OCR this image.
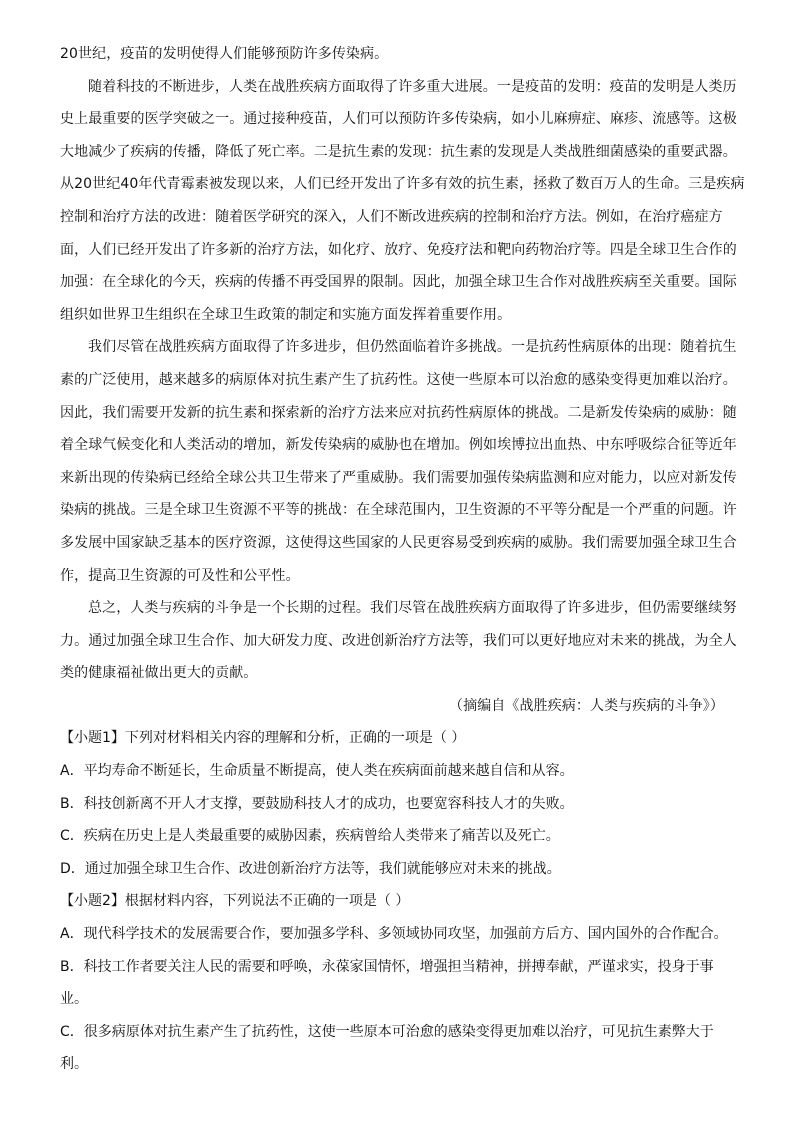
20世纪，疫苗的发明使得人们能够预防许多传染病。
随着科技的不断进步，人类在战胜疾病方面取得了许多重大进展。一是疫苗的发明：疫苗的发明是人类历
史上最重要的医学突破之一。通过接种疫苗，人们可以预防许多传染病，如小儿麻痹症、麻疹、流感等。这极
大地减少了疾病的传播，降低了死亡率。二是抗生素的发现：抗生素的发现是人类战胜细菌感染的重要武器。
从20世纪40年代青霉素被发现以来，人们已经开发出了许多有效的抗生素，拯救了数百万人的生命。三是疾病
控制和治疗方法的改进：随着医学研究的深入，人们不断改进疾病的控制和治疗方法。例如，在治疗癌症方
面，人们已经开发出了许多新的治疗方法，如化疗、放疗、免疫疗法和靶向药物治疗等。四是全球卫生合作的
加强：在全球化的今天，疾病的传播不再受国界的限制。因此，加强全球卫生合作对战胜疾病至关重要。国际
组织如世界卫生组织在全球卫生政策的制定和实施方面发挥着重要作用。
我们尽管在战胜疾病方面取得了许多进步，但仍然面临着许多挑战。一是抗药性病原体的出现：随着抗生
素的广泛使用，越来越多的病原体对抗生素产生了抗药性。这使一些原本可以治愈的感染变得更加难以治疗。
因此，我们需要开发新的抗生素和探索新的治疗方法来应对抗药性病原体的挑战。二是新发传染病的威胁：随
着全球气候变化和人类活动的增加，新发传染病的威胁也在增加。例如埃博拉出血热、中东呼吸综合征等近年
来新出现的传染病已经给全球公共卫生带来了严重威胁。我们需要加强传染病监测和应对能力，以应对新发传
染病的挑战。三是全球卫生资源不平等的挑战：在全球范围内，卫生资源的不平等分配是一个严重的问题。许
多发展中国家缺乏基本的医疗资源，这使得这些国家的人民更容易受到疾病的威胁。我们需要加强全球卫生合
作，提高卫生资源的可及性和公平性。
总之，人类与疾病的斗争是一个长期的过程。我们尽管在战胜疾病方面取得了许多进步，但仍需要继续努
力。通过加强全球卫生合作、加大研发力度、改进创新治疗方法等，我们可以更好地应对未来的挑战，为全人
类的健康福祉做出更大的贡献。
（摘编自《战胜疾病：人类与疾病的斗争》）
【小题1】下列对材料相关内容的理解和分析，正确的一项是（ ）
A．平均寿命不断延长，生命质量不断提高，使人类在疾病面前越来越自信和从容。
B．科技创新离不开人才支撑，要鼓励科技人才的成功，也要宽容科技人才的失败。
C．疾病在历史上是人类最重要的威胁因素，疾病曾给人类带来了痛苦以及死亡。
D．通过加强全球卫生合作、改进创新治疗方法等，我们就能够应对未来的挑战。
【小题2】根据材料内容，下列说法不正确的一项是（ ）
A．现代科学技术的发展需要合作，要加强多学科、多领域协同攻坚，加强前方后方、国内国外的合作配合。
B．科技工作者要关注人民的需要和呼唤，永葆家国情怀，增强担当精神，拼搏奉献，严谨求实，投身于事
业。
C．很多病原体对抗生素产生了抗药性，这使一些原本可治愈的感染变得更加难以治疗，可见抗生素弊大于
利。
